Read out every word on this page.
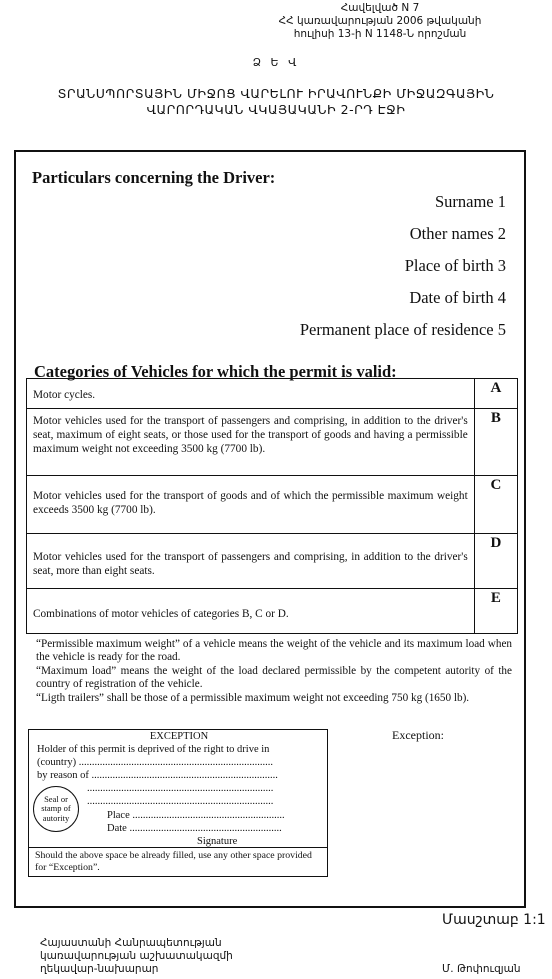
Հավելված N 7
ՀՀ կառավարության 2006 թվականի
հուլիսի 13-ի N 1148-Ն որոշման
Ձ Ե Վ
ՏՐԱՆՍՊՈՐՏԱՅԻՆ ՄԻՋՈՑ ՎԱՐԵԼՈՒ ԻՐԱՎՈՒՆՔԻ ՄԻՋԱԶԳԱՅԻՆ
ՎԱՐՈՐԴԱԿԱՆ ՎԿԱՅԱԿԱՆԻ 2-ՐԴ ԷՋԻ
Particulars concerning the Driver:
Surname 1
Other names 2
Place of birth 3
Date of birth 4
Permanent place of residence 5
Categories of Vehicles for which the permit is valid:
Motor cycles.	A
Motor vehicles used for the transport of passengers and comprising, in addition to the driver's seat, maximum of eight seats, or those used for the transport of goods and having a permissible maximum weight not exceeding 3500 kg (7700 lb).	B
Motor vehicles used for the transport of goods and of which the permissible maximum weight exceeds 3500 kg (7700 lb).	C
Motor vehicles used for the transport of passengers and comprising, in addition to the driver's seat, more than eight seats.	D
Combinations of motor vehicles of categories B, C or D.	E

“Permissible maximum weight” of a vehicle means the weight of the vehicle and its maximum load when the vehicle is ready for the road.

“Maximum load” means the weight of the load declared permissible by the competent autority of the country of registration of the vehicle.

“Ligth trailers” shall be those of a permissible maximum weight not exceeding 750 kg (1650 lb).

EXCEPTION
Holder of this permit is deprived of the right to drive in
(country) ..........................................................................
by reason of .......................................................................
.......................................................................
.......................................................................
Seal or stamp of autority	Place ..........................................................
Date ..........................................................
Signature
Should the above space be already filled, use any other space provided for “Exception”.
Exception:
Մասշտաբ 1:1
Հայաստանի Հանրապետության
կառավարության աշխատակազմի
ղեկավար-նախարար	Մ. Թոփուզյան
